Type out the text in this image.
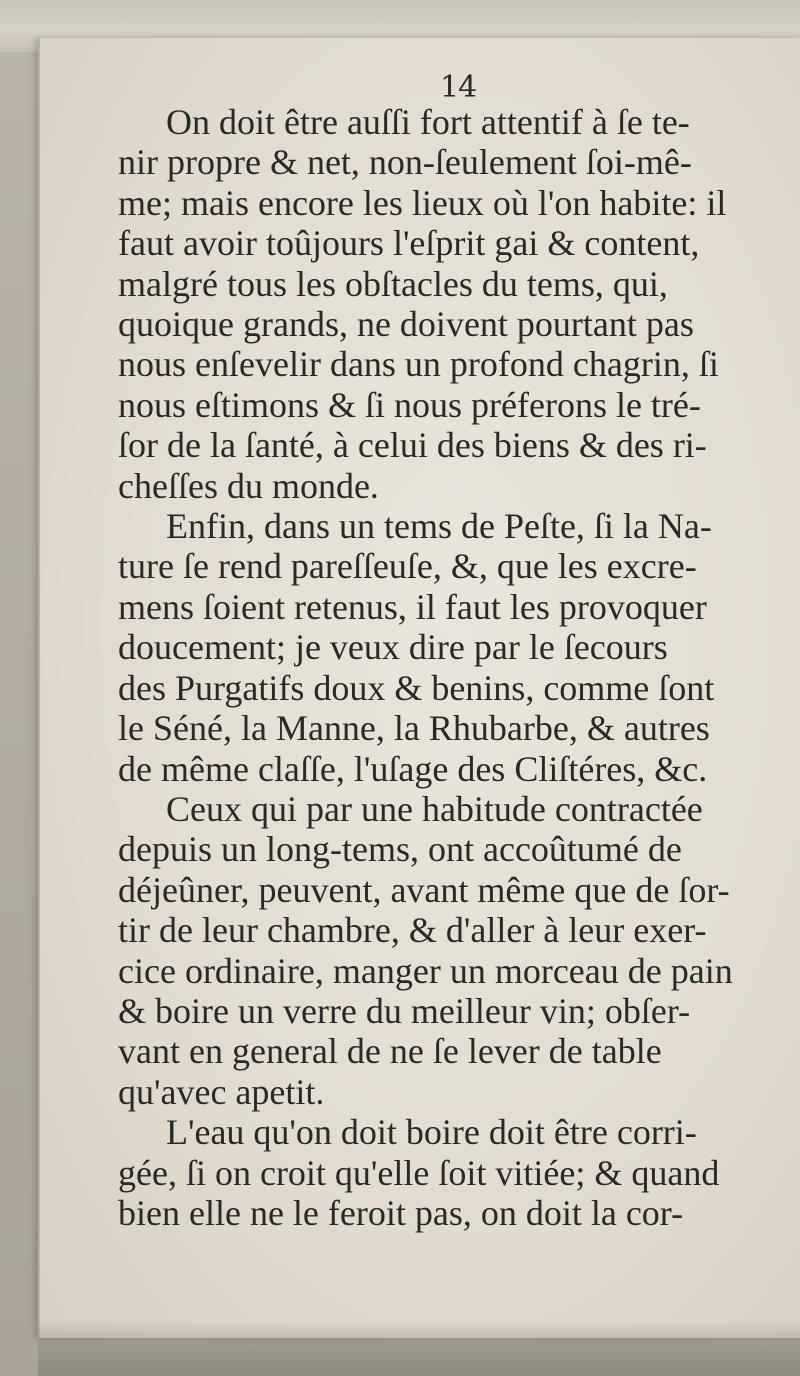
14
On doit être auſſi fort attentif à ſe te-
nir propre & net, non-ſeulement ſoi-mê-
me; mais encore les lieux où l'on habite: il
faut avoir toûjours l'eſprit gai & content,
malgré tous les obſtacles du tems, qui,
quoique grands, ne doivent pourtant pas
nous enſevelir dans un profond chagrin, ſi
nous eſtimons & ſi nous préferons le tré-
ſor de la ſanté, à celui des biens & des ri-
cheſſes du monde.
Enfin, dans un tems de Peſte, ſi la Na-
ture ſe rend pareſſeuſe, &, que les excre-
mens ſoient retenus, il faut les provoquer
doucement; je veux dire par le ſecours
des Purgatifs doux & benins, comme ſont
le Séné, la Manne, la Rhubarbe, & autres
de même claſſe, l'uſage des Cliſtéres, &c.
Ceux qui par une habitude contractée
depuis un long-tems, ont accoûtumé de
déjeûner, peuvent, avant même que de ſor-
tir de leur chambre, & d'aller à leur exer-
cice ordinaire, manger un morceau de pain
& boire un verre du meilleur vin; obſer-
vant en general de ne ſe lever de table
qu'avec apetit.
L'eau qu'on doit boire doit être corri-
gée, ſi on croit qu'elle ſoit vitiée; & quand
bien elle ne le feroit pas, on doit la cor-
